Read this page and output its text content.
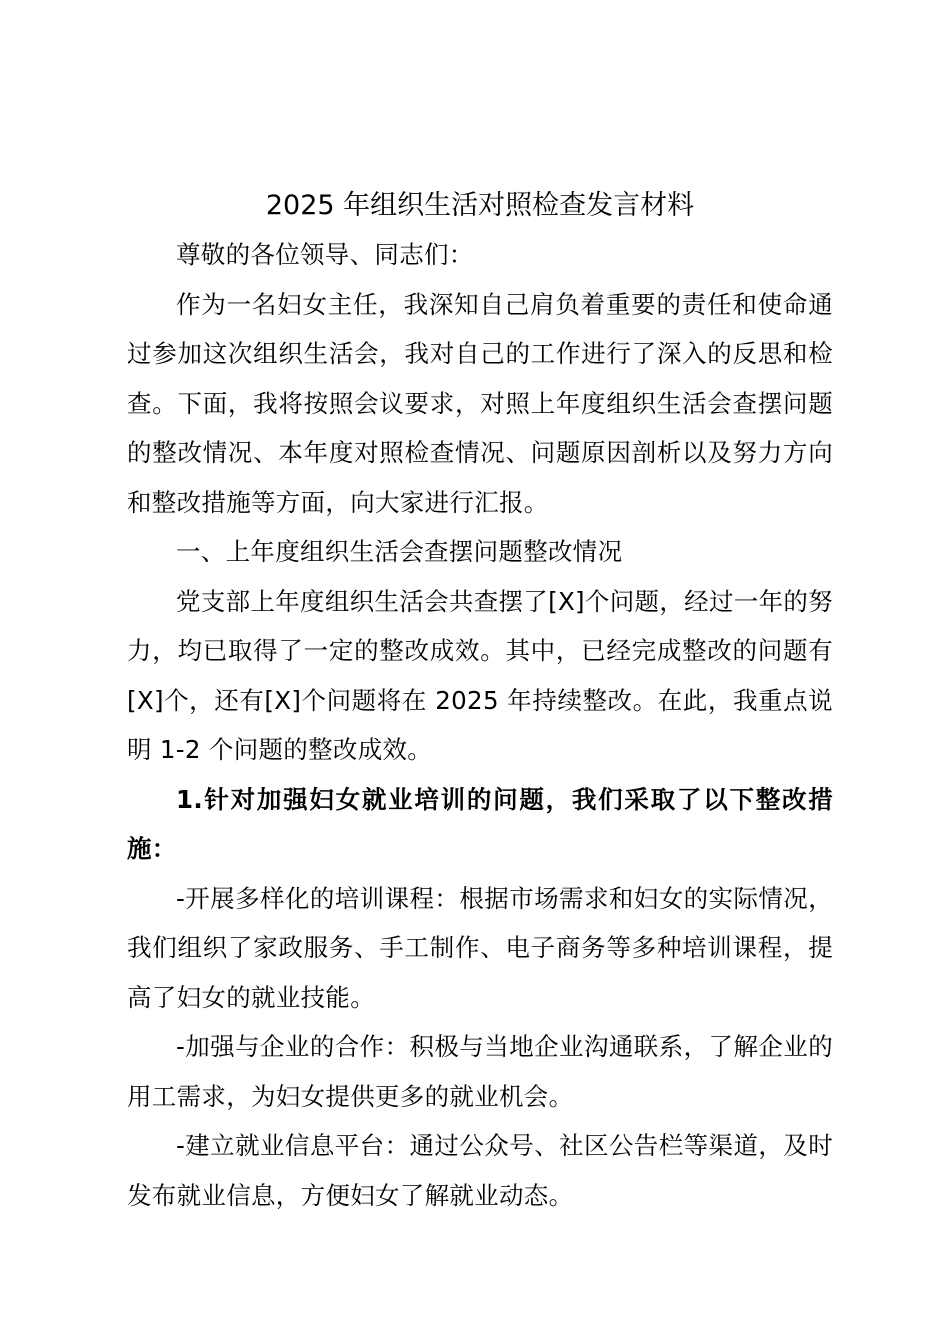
2025 年组织生活对照检查发言材料

尊敬的各位领导、同志们：

作为一名妇女主任，我深知自己肩负着重要的责任和使命通过参加这次组织生活会，我对自己的工作进行了深入的反思和检查。下面，我将按照会议要求，对照上年度组织生活会查摆问题的整改情况、本年度对照检查情况、问题原因剖析以及努力方向和整改措施等方面，向大家进行汇报。

一、上年度组织生活会查摆问题整改情况

党支部上年度组织生活会共查摆了[X]个问题，经过一年的努力，均已取得了一定的整改成效。其中，已经完成整改的问题有[X]个，还有[X]个问题将在 2025 年持续整改。在此，我重点说明 1-2 个问题的整改成效。

1.针对加强妇女就业培训的问题，我们采取了以下整改措施：

-开展多样化的培训课程：根据市场需求和妇女的实际情况，我们组织了家政服务、手工制作、电子商务等多种培训课程，提高了妇女的就业技能。

-加强与企业的合作：积极与当地企业沟通联系，了解企业的用工需求，为妇女提供更多的就业机会。

-建立就业信息平台：通过公众号、社区公告栏等渠道，及时发布就业信息，方便妇女了解就业动态。
